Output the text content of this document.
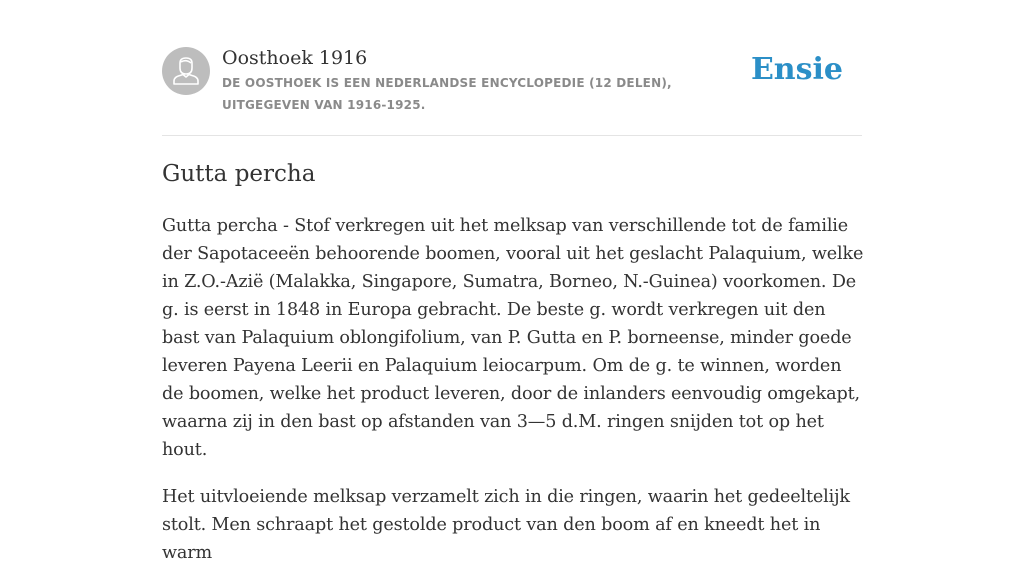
Oosthoek 1916
DE OOSTHOEK IS EEN NEDERLANDSE ENCYCLOPEDIE (12 DELEN), UITGEGEVEN VAN 1916-1925.
Ensie
Gutta percha

Gutta percha - Stof verkregen uit het melksap van verschillende tot de familie der Sapotaceeën behoorende boomen, vooral uit het geslacht Palaquium, welke in Z.O.-Azië (Malakka, Singapore, Sumatra, Borneo, N.-Guinea) voorkomen. De g. is eerst in 1848 in Europa gebracht. De beste g. wordt verkregen uit den bast van Palaquium oblongifolium, van P. Gutta en P. borneense, minder goede leveren Payena Leerii en Palaquium leiocarpum. Om de g. te winnen, worden de boomen, welke het product leveren, door de inlanders eenvoudig omgekapt, waarna zij in den bast op afstanden van 3—5 d.M. ringen snijden tot op het hout.

Het uitvloeiende melksap verzamelt zich in die ringen, waarin het gedeeltelijk stolt. Men schraapt het gestolde product van den boom af en kneedt het in warm
